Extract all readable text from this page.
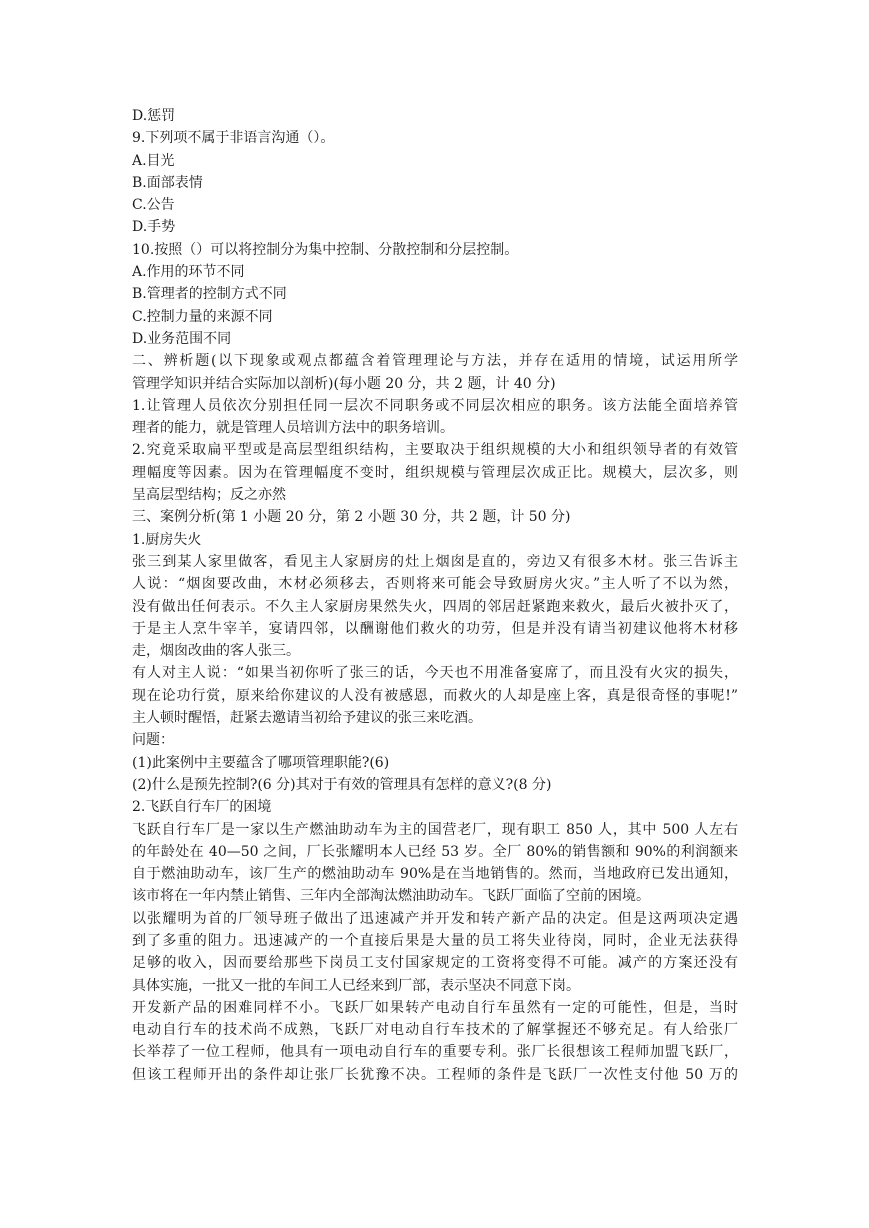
D.惩罚
9.下列项不属于非语言沟通（）。
A.目光
B.面部表情
C.公告
D.手势
10.按照（）可以将控制分为集中控制、分散控制和分层控制。
A.作用的环节不同
B.管理者的控制方式不同
C.控制力量的来源不同
D.业务范围不同
二、辨析题(以下现象或观点都蕴含着管理理论与方法，并存在适用的情境，试运用所学
管理学知识并结合实际加以剖析)(每小题 20 分，共 2 题，计 40 分)
1.让管理人员依次分别担任同一层次不同职务或不同层次相应的职务。该方法能全面培养管
理者的能力，就是管理人员培训方法中的职务培训。
2.究竟采取扁平型或是高层型组织结构，主要取决于组织规模的大小和组织领导者的有效管
理幅度等因素。因为在管理幅度不变时，组织规模与管理层次成正比。规模大，层次多，则
呈高层型结构；反之亦然
三、案例分析(第 1 小题 20 分，第 2 小题 30 分，共 2 题，计 50 分)
1.厨房失火
张三到某人家里做客，看见主人家厨房的灶上烟囱是直的，旁边又有很多木材。张三告诉主
人说：“烟囱要改曲，木材必须移去，否则将来可能会导致厨房火灾。”主人听了不以为然，
没有做出任何表示。不久主人家厨房果然失火，四周的邻居赶紧跑来救火，最后火被扑灭了，
于是主人烹牛宰羊，宴请四邻，以酬谢他们救火的功劳，但是并没有请当初建议他将木材移
走，烟囱改曲的客人张三。
有人对主人说：“如果当初你听了张三的话，今天也不用准备宴席了，而且没有火灾的损失，
现在论功行赏，原来给你建议的人没有被感恩，而救火的人却是座上客，真是很奇怪的事呢!”
主人顿时醒悟，赶紧去邀请当初给予建议的张三来吃酒。
问题：
(1)此案例中主要蕴含了哪项管理职能?(6)
(2)什么是预先控制?(6 分)其对于有效的管理具有怎样的意义?(8 分)
2.飞跃自行车厂的困境
飞跃自行车厂是一家以生产燃油助动车为主的国营老厂，现有职工 850 人，其中 500 人左右
的年龄处在 40—50 之间，厂长张耀明本人已经 53 岁。全厂 80%的销售额和 90%的利润额来
自于燃油助动车，该厂生产的燃油助动车 90%是在当地销售的。然而，当地政府已发出通知，
该市将在一年内禁止销售、三年内全部淘汰燃油助动车。飞跃厂面临了空前的困境。
以张耀明为首的厂领导班子做出了迅速减产并开发和转产新产品的决定。但是这两项决定遇
到了多重的阻力。迅速减产的一个直接后果是大量的员工将失业待岗，同时，企业无法获得
足够的收入，因而要给那些下岗员工支付国家规定的工资将变得不可能。减产的方案还没有
具体实施，一批又一批的车间工人已经来到厂部，表示坚决不同意下岗。
开发新产品的困难同样不小。飞跃厂如果转产电动自行车虽然有一定的可能性，但是，当时
电动自行车的技术尚不成熟，飞跃厂对电动自行车技术的了解掌握还不够充足。有人给张厂
长举荐了一位工程师，他具有一项电动自行车的重要专利。张厂长很想该工程师加盟飞跃厂，
但该工程师开出的条件却让张厂长犹豫不决。工程师的条件是飞跃厂一次性支付他 50 万的
